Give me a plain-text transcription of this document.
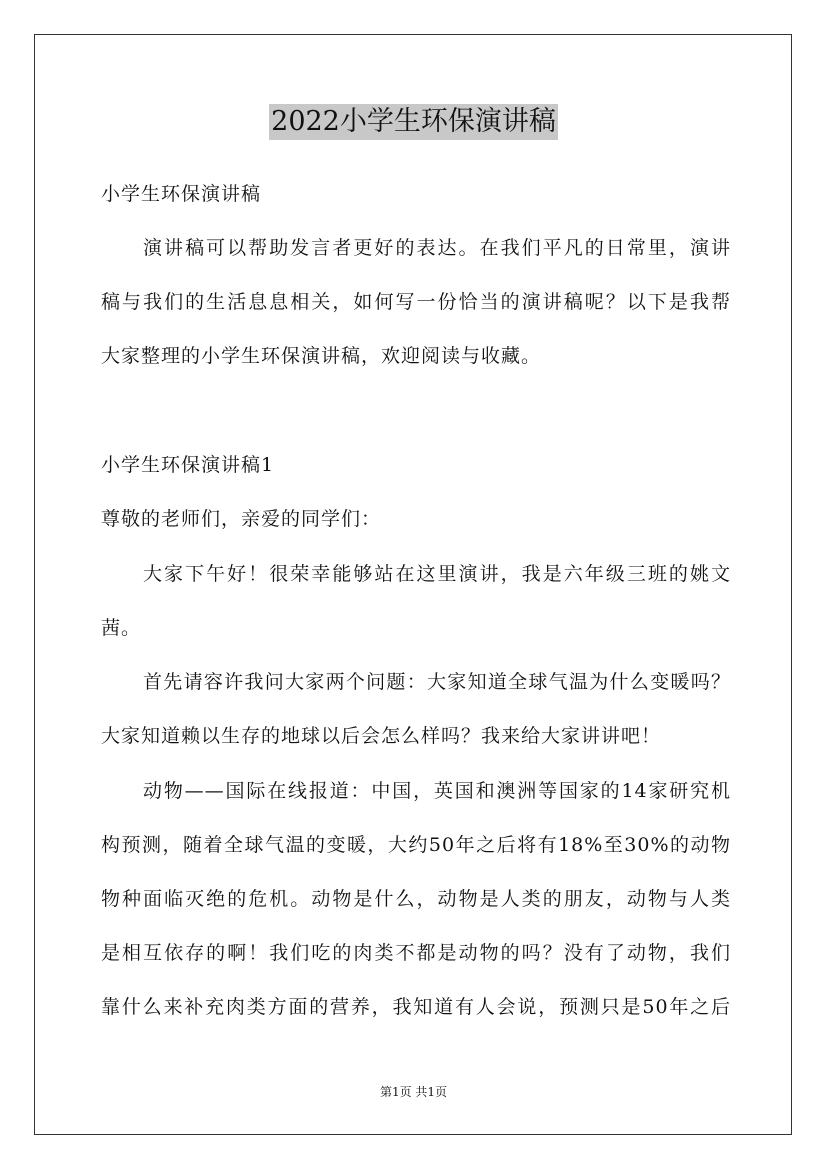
2022小学生环保演讲稿
小学生环保演讲稿
演讲稿可以帮助发言者更好的表达。在我们平凡的日常里，演讲
稿与我们的生活息息相关，如何写一份恰当的演讲稿呢？以下是我帮
大家整理的小学生环保演讲稿，欢迎阅读与收藏。
小学生环保演讲稿1
尊敬的老师们，亲爱的同学们：
大家下午好！很荣幸能够站在这里演讲，我是六年级三班的姚文
茜。
首先请容许我问大家两个问题：大家知道全球气温为什么变暖吗？
大家知道赖以生存的地球以后会怎么样吗？我来给大家讲讲吧！
动物——国际在线报道：中国，英国和澳洲等国家的14家研究机
构预测，随着全球气温的变暖，大约50年之后将有18%至30%的动物
物种面临灭绝的危机。动物是什么，动物是人类的朋友，动物与人类
是相互依存的啊！我们吃的肉类不都是动物的吗？没有了动物，我们
靠什么来补充肉类方面的营养，我知道有人会说，预测只是50年之后
第1页 共1页
